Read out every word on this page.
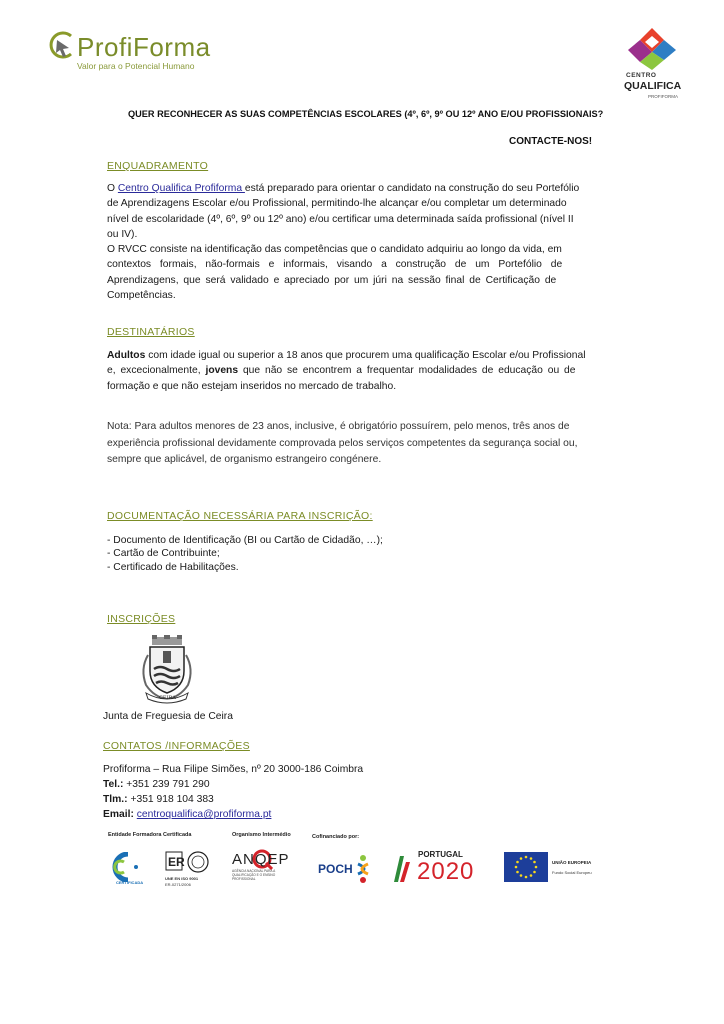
ProfiForma
Valor para o Potencial Humano
CENTRO
QUALIFICA
PROFIFORMA
QUER RECONHECER AS SUAS COMPETÊNCIAS ESCOLARES (4º, 6º, 9º OU 12º ANO E/OU PROFISSIONAIS?
CONTACTE-NOS!
ENQUADRAMENTO
O Centro Qualifica Profiforma está preparado para orientar o candidato na construção do seu Portefólio
de Aprendizagens Escolar e/ou Profissional, permitindo-lhe alcançar e/ou completar um determinado
nível de escolaridade (4º, 6º, 9º ou 12º ano) e/ou certificar uma determinada saída profissional (nível II
ou IV).
O RVCC consiste na identificação das competências que o candidato adquiriu ao longo da vida, em
contextos formais, não-formais e informais, visando a construção de um Portefólio de
Aprendizagens, que será validado e apreciado por um júri na sessão final de Certificação de
Competências.
DESTINATÁRIOS
Adultos com idade igual ou superior a 18 anos que procurem uma qualificação Escolar e/ou Profissional
e, excecionalmente, jovens que não se encontrem a frequentar modalidades de educação ou de
formação e que não estejam inseridos no mercado de trabalho.
Nota: Para adultos menores de 23 anos, inclusive, é obrigatório possuírem, pelo menos, três anos de
experiência profissional devidamente comprovada pelos serviços competentes da segurança social ou,
sempre que aplicável, de organismo estrangeiro congénere.
DOCUMENTAÇÃO NECESSÁRIA PARA INSCRIÇÃO:
- Documento de Identificação (BI ou Cartão de Cidadão, …);
- Cartão de Contribuinte;
- Certificado de Habilitações.
INSCRIÇÕES
CEIRA
Junta de Freguesia de Ceira
CONTATOS /INFORMAÇÕES
Profiforma – Rua Filipe Simões, nº 20 3000-186 Coimbra
Tel.: +351 239 791 290
Tlm.: +351 918 104 383
Email: centroqualifica@profiforma.pt
Entidade Formadora Certificada	Organismo Intermédio	Cofinanciado por:
CERTIFICADA
ER
UNE EN ISO 9001
ER-0271/2006
ANQEP
AGÊNCIA NACIONAL PARA A QUALIFICAÇÃO E O ENSINO PROFISSIONAL
POCH
PORTUGAL
2020	UNIÃO EUROPEIA
Fundo Social Europeu
